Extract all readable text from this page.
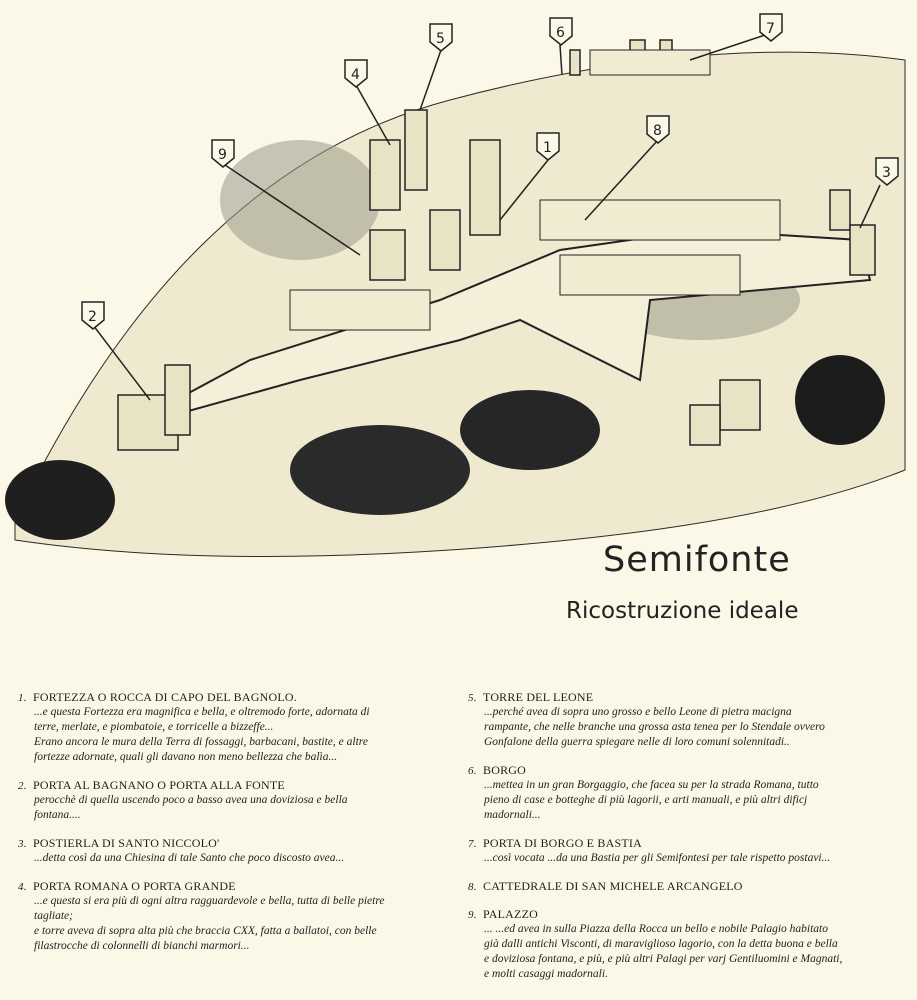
1
2
3
4
5	6	7
8
9
Semifonte
Ricostruzione ideale
1. FORTEZZA O ROCCA DI CAPO DEL BAGNOLO.

...e questa Fortezza era magnifica e bella, e oltremodo forte, adornata di
terre, merlate, e piombatoie, e torricelle a bizzeffe...
Erano ancora le mura della Terra di fossaggi, barbacani, bastite, e altre
fortezze adornate, quali gli davano non meno bellezza che balìa...

2. PORTA AL BAGNANO O PORTA ALLA FONTE

perocchè di quella uscendo poco a basso avea una doviziosa e bella
fontana....

3. POSTIERLA DI SANTO NICCOLO'

...detta così da una Chiesina di tale Santo che poco discosto avea...

4. PORTA ROMANA O PORTA GRANDE

...e questa si era più di ogni altra ragguardevole e bella, tutta di belle pietre
tagliate;
e torre aveva di sopra alta più che braccia CXX, fatta a ballatoi, con belle
filastrocche di colonnelli di bianchi marmori...

5. TORRE DEL LEONE

...perché avea di sopra uno grosso e bello Leone di pietra macigna
rampante, che nelle branche una grossa asta tenea per lo Stendale ovvero
Gonfalone della guerra spiegare nelle di loro comuni solennitadi..

6. BORGO

...mettea in un gran Borgaggio, che facea su per la strada Romana, tutto
pieno di case e botteghe di più lagorii, e arti manuali, e più altri dificj
madornali...

7. PORTA DI BORGO E BASTIA

...così vocata ...da una Bastia per gli Semifontesi per tale rispetto postavi...

8. CATTEDRALE DI SAN MICHELE ARCANGELO
9. PALAZZO

... ...ed avea in sulla Piazza della Rocca un bello e nobile Palagio habitato
già dalli antichi Visconti, di maraviglioso lagorio, con la detta buona e bella
e doviziosa fontana, e più, e più altri Palagi per varj Gentiluomini e Magnati,
e molti casaggi madornali.
